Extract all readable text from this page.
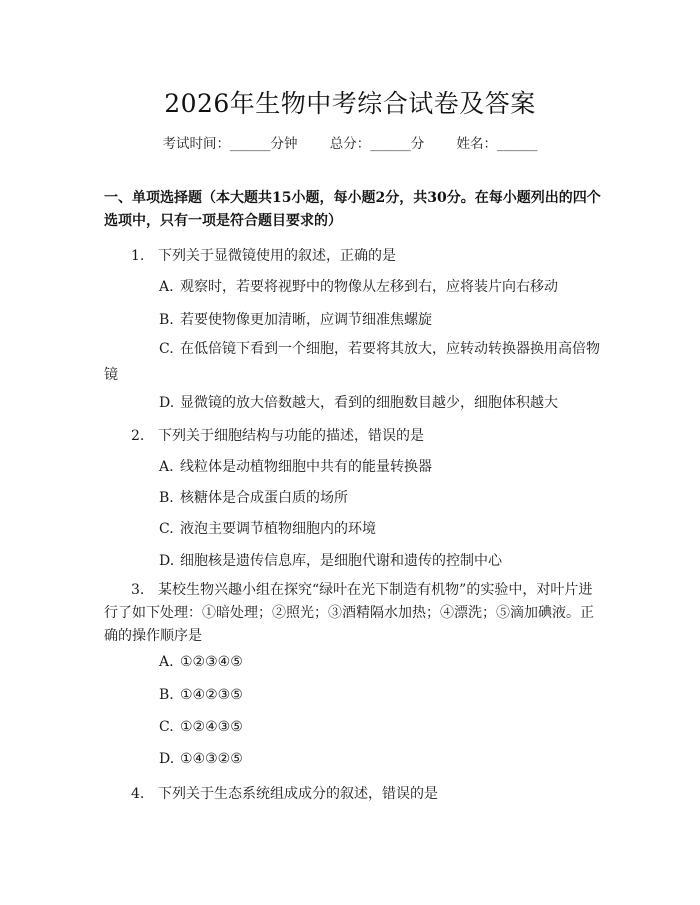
2026年生物中考综合试卷及答案
考试时间：______分钟 总分：______分 姓名：______
一、单项选择题（本大题共15小题，每小题2分，共30分。在每小题列出的四个选项中，只有一项是符合题目要求的）
1. 下列关于显微镜使用的叙述，正确的是
A. 观察时，若要将视野中的物像从左移到右，应将装片向右移动
B. 若要使物像更加清晰，应调节细准焦螺旋
C. 在低倍镜下看到一个细胞，若要将其放大，应转动转换器换用高倍物镜
D. 显微镜的放大倍数越大，看到的细胞数目越少，细胞体积越大
2. 下列关于细胞结构与功能的描述，错误的是
A. 线粒体是动植物细胞中共有的能量转换器
B. 核糖体是合成蛋白质的场所
C. 液泡主要调节植物细胞内的环境
D. 细胞核是遗传信息库，是细胞代谢和遗传的控制中心
3. 某校生物兴趣小组在探究“绿叶在光下制造有机物”的实验中，对叶片进行了如下处理：①暗处理；②照光；③酒精隔水加热；④漂洗；⑤滴加碘液。正确的操作顺序是
A. ①②③④⑤
B. ①④②③⑤
C. ①②④③⑤
D. ①④③②⑤
4. 下列关于生态系统组成成分的叙述，错误的是
